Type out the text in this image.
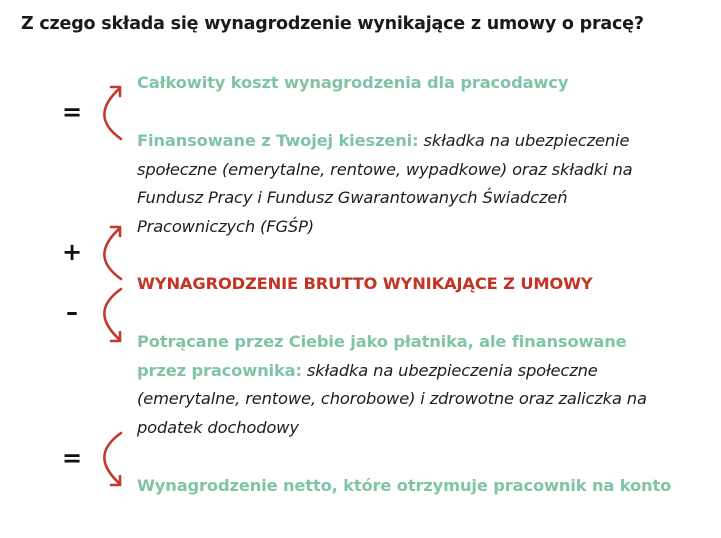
Z czego składa się wynagrodzenie wynikające z umowy o pracę?
=
+
–
=
Całkowity koszt wynagrodzenia dla pracodawcy
Finansowane z Twojej kieszeni: składka na ubezpieczenie społeczne (emerytalne, rentowe, wypadkowe) oraz składki na Fundusz Pracy i Fundusz Gwarantowanych Świadczeń Pracowniczych (FGŚP)
WYNAGRODZENIE BRUTTO WYNIKAJĄCE Z UMOWY
Potrącane przez Ciebie jako płatnika, ale finansowane przez pracownika: składka na ubezpieczenia społeczne (emerytalne, rentowe, chorobowe) i zdrowotne oraz zaliczka na podatek dochodowy
Wynagrodzenie netto, które otrzymuje pracownik na konto
